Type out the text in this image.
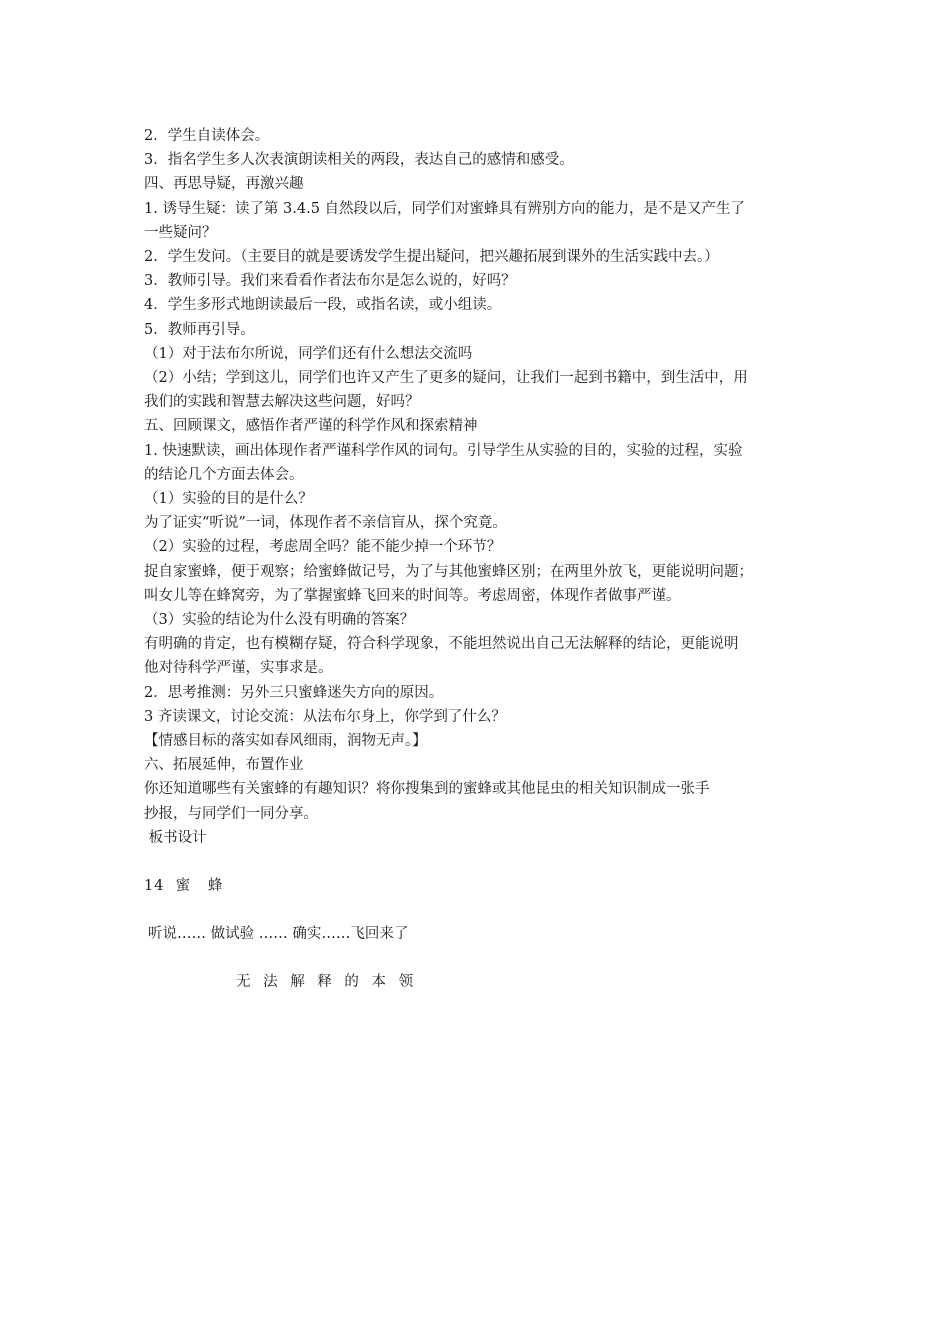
2．学生自读体会。
3．指名学生多人次表演朗读相关的两段，表达自己的感情和感受。
四、再思导疑，再激兴趣
1. 诱导生疑：读了第 3.4.5 自然段以后，同学们对蜜蜂具有辨别方向的能力，是不是又产生了
一些疑问？
2．学生发问。（主要目的就是要诱发学生提出疑问，把兴趣拓展到课外的生活实践中去。）
3．教师引导。我们来看看作者法布尔是怎么说的，好吗？
4．学生多形式地朗读最后一段，或指名读，或小组读。
5．教师再引导。
（1）对于法布尔所说，同学们还有什么想法交流吗
（2）小结；学到这儿，同学们也许又产生了更多的疑问，让我们一起到书籍中，到生活中，用
我们的实践和智慧去解决这些问题，好吗？
五、回顾课文，感悟作者严谨的科学作风和探索精神
1. 快速默读，画出体现作者严谨科学作风的词句。引导学生从实验的目的，实验的过程，实验
的结论几个方面去体会。
（1）实验的目的是什么？
为了证实“听说”一词，体现作者不亲信盲从，探个究竟。
（2）实验的过程，考虑周全吗？能不能少掉一个环节？
捉自家蜜蜂，便于观察；给蜜蜂做记号，为了与其他蜜蜂区别；在两里外放飞，更能说明问题；
叫女儿等在蜂窝旁，为了掌握蜜蜂飞回来的时间等。考虑周密，体现作者做事严谨。
（3）实验的结论为什么没有明确的答案？
有明确的肯定，也有模糊存疑，符合科学现象，不能坦然说出自己无法解释的结论，更能说明
他对待科学严谨，实事求是。
2．思考推测：另外三只蜜蜂迷失方向的原因。
3 齐读课文，讨论交流：从法布尔身上，你学到了什么？
【情感目标的落实如春风细雨，润物无声。】
六、拓展延伸，布置作业
你还知道哪些有关蜜蜂的有趣知识？将你搜集到的蜜蜂或其他昆虫的相关知识制成一张手
抄报，与同学们一同分享。
板书设计
14  蜜   蜂
听说…… 做试验 …… 确实……飞回来了
无 法 解 释 的 本 领
